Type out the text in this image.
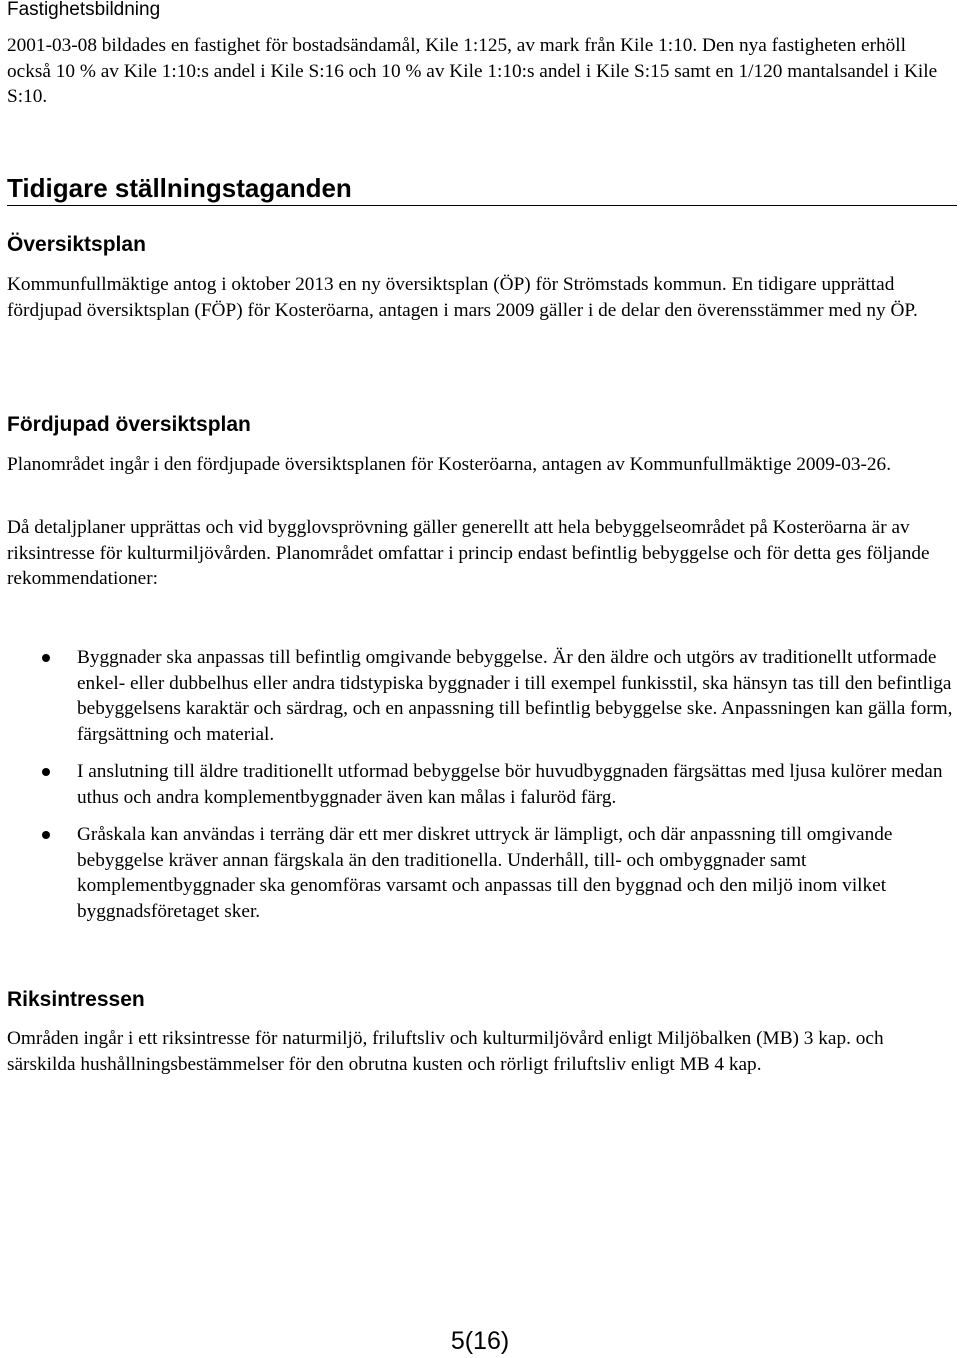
Fastighetsbildning

2001-03-08 bildades en fastighet för bostadsändamål, Kile 1:125, av mark från Kile 1:10. Den nya fastigheten erhöll också 10 % av Kile 1:10:s andel i Kile S:16 och 10 % av Kile 1:10:s andel i Kile S:15 samt en 1/120 mantalsandel i Kile S:10.

Tidigare ställningstaganden
Översiktsplan

Kommunfullmäktige antog i oktober 2013 en ny översiktsplan (ÖP) för Strömstads kommun. En tidigare upprättad fördjupad översiktsplan (FÖP) för Kosteröarna, antagen i mars 2009 gäller i de delar den överensstämmer med ny ÖP.

Fördjupad översiktsplan

Planområdet ingår i den fördjupade översiktsplanen för Kosteröarna, antagen av Kommunfullmäktige 2009-03-26.

Då detaljplaner upprättas och vid bygglovsprövning gäller generellt att hela bebyggelseområdet på Kosteröarna är av riksintresse för kulturmiljövården. Planområdet omfattar i princip endast befintlig bebyggelse och för detta ges följande rekommendationer:

Byggnader ska anpassas till befintlig omgivande bebyggelse. Är den äldre och utgörs av traditionellt utformade enkel- eller dubbelhus eller andra tidstypiska byggnader i till exempel funkisstil, ska hänsyn tas till den befintliga bebyggelsens karaktär och särdrag, och en anpassning till befintlig bebyggelse ske. Anpassningen kan gälla form, färgsättning och material.

I anslutning till äldre traditionellt utformad bebyggelse bör huvudbyggnaden färgsättas med ljusa kulörer medan uthus och andra komplementbyggnader även kan målas i faluröd färg.

Gråskala kan användas i terräng där ett mer diskret uttryck är lämpligt, och där anpassning till omgivande bebyggelse kräver annan färgskala än den traditionella. Underhåll, till- och ombyggnader samt komplementbyggnader ska genomföras varsamt och anpassas till den byggnad och den miljö inom vilket byggnadsföretaget sker.

Riksintressen

Områden ingår i ett riksintresse för naturmiljö, friluftsliv och kulturmiljövård enligt Miljöbalken (MB) 3 kap. och särskilda hushållningsbestämmelser för den obrutna kusten och rörligt friluftsliv enligt MB 4 kap.

5(16)
